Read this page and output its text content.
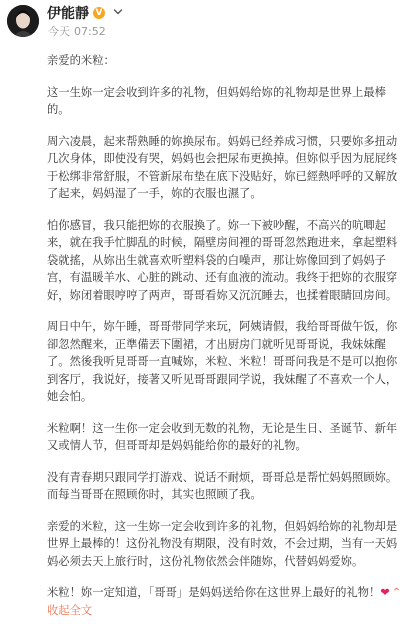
伊能靜 V
今天 07:52

亲爱的米粒：

这一生妳一定会收到许多的礼物，但妈妈给妳的礼物却是世界上最棒的。

周六凌晨，起来帮熟睡的妳换尿布。妈妈已经养成习惯，只要妳多扭动几次身体，即使没有哭，妈妈也会把尿布更换掉。但妳似乎因为屁屁终于松绑非常舒服，不管新尿布垫在底下没贴好，妳已經熱呼呼的又解放了起来，妈妈湿了一手，妳的衣服也濕了。

怕你感冒，我只能把妳的衣服換了。妳一下被吵醒，不高兴的吭唧起来，就在我手忙脚乱的时候，隔壁房间裡的哥哥忽然跑进来，拿起塑料袋就搖，从妳出生就喜欢听塑料袋的白噪声，那让妳像回到了妈妈子宫，有温暖羊水、心脏的跳动、还有血液的流动。我终于把妳的衣服穿好，妳闭着眼哼哼了两声，哥哥看妳又沉沉睡去，也揉着眼睛回房间。

周日中午，妳午睡，哥哥带同学来玩，阿姨请假，我给哥哥做午饭，你卻忽然醒来，正準備丟下圍裙，才出厨房门就听见哥哥说，我妹妹醒了。然後我听見哥哥一直喊妳，米粒、米粒！哥哥问我是不是可以抱你到客厅，我说好，接著又听见哥哥跟同学说，我妹醒了不喜欢一个人，她会怕。

米粒啊！这一生你一定会收到无数的礼物，无论是生日、圣诞节、新年又或情人节，但哥哥却是妈妈能给你的最好的礼物。

没有青春期只跟同学打游戏、说话不耐烦，哥哥总是帮忙妈妈照顾妳。而每当哥哥在照顾你时，其实也照顾了我。

亲爱的米粒，这一生妳一定会收到许多的礼物，但妈妈给妳的礼物却是世界上最棒的！这份礼物没有期限，没有时效，不会过期，当有一天妈妈必须去天上旅行时，这份礼物依然会伴随妳，代替妈妈爱妳。

米粒！妳一定知道，「哥哥」是妈妈送给你在这世界上最好的礼物！❤ ⌃收起全文
